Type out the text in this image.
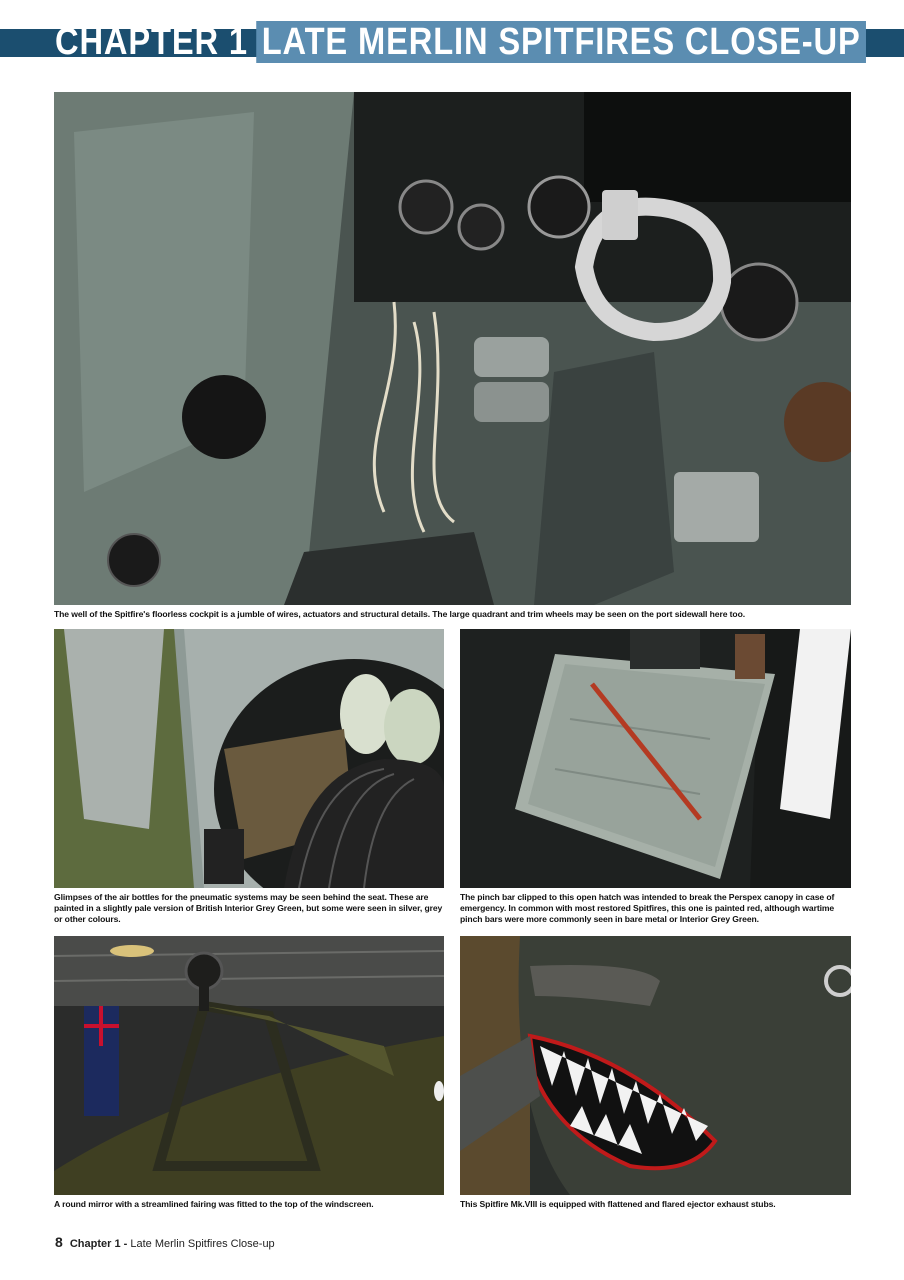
CHAPTER 1 LATE MERLIN SPITFIRES CLOSE-UP
The well of the Spitfire's floorless cockpit is a jumble of wires, actuators and structural details. The large quadrant and trim wheels may be seen on the port sidewall here too.
Glimpses of the air bottles for the pneumatic systems may be seen behind the seat. These are painted in a slightly pale version of British Interior Grey Green, but some were seen in silver, grey or other colours.
The pinch bar clipped to this open hatch was intended to break the Perspex canopy in case of emergency. In common with most restored Spitfires, this one is painted red, although wartime pinch bars were more commonly seen in bare metal or Interior Grey Green.
A round mirror with a streamlined fairing was fitted to the top of the windscreen.	This Spitfire Mk.VIII is equipped with flattened and flared ejector exhaust stubs.
8 Chapter 1 - Late Merlin Spitfires Close-up
